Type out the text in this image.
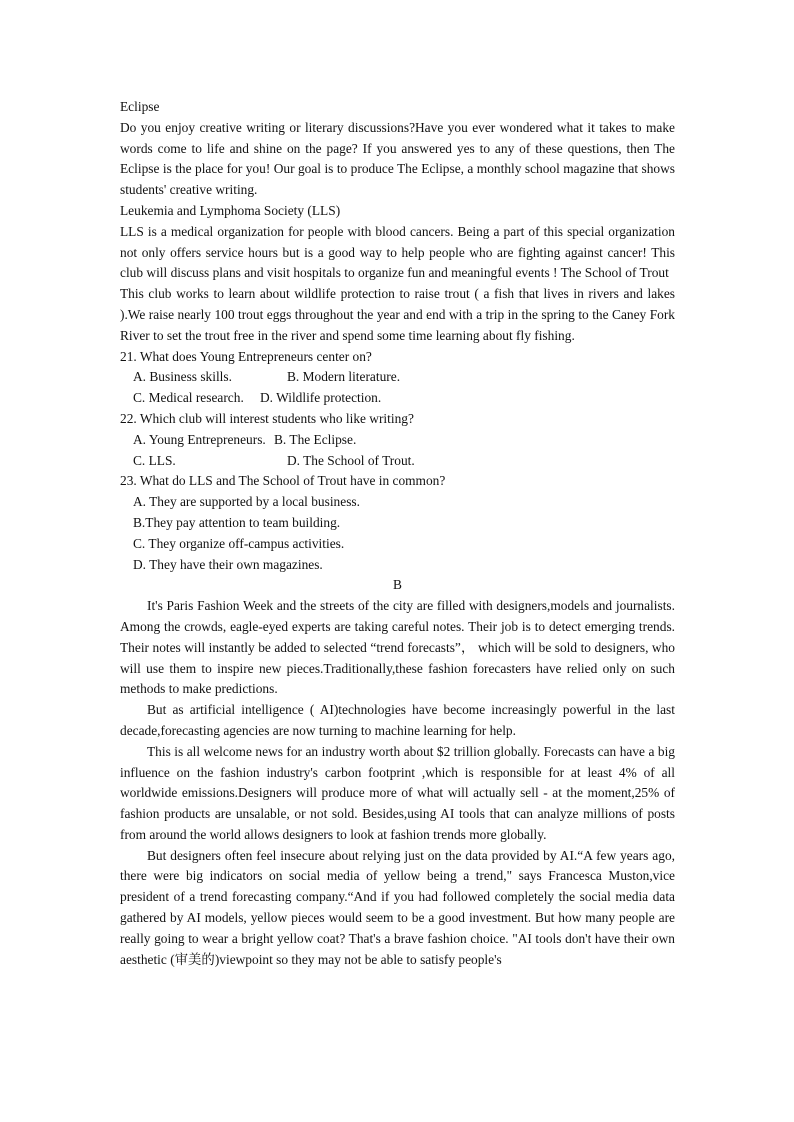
Eclipse
Do you enjoy creative writing or literary discussions?Have you ever wondered what it takes to make words come to life and shine on the page? If you answered yes to any of these questions, then The Eclipse is the place for you! Our goal is to produce The Eclipse, a monthly school magazine that shows students' creative writing.
Leukemia and Lymphoma Society (LLS)
LLS is a medical organization for people with blood cancers. Being a part of this special organization not only offers service hours but is a good way to help people who are fighting against cancer! This club will discuss plans and visit hospitals to organize fun and meaningful events ! The School of Trout
This club works to learn about wildlife protection to raise trout ( a fish that lives in rivers and lakes ).We raise nearly 100 trout eggs throughout the year and end with a trip in the spring to the Caney Fork River to set the trout free in the river and spend some time learning about fly fishing.
21. What does Young Entrepreneurs center on?
A. Business skills.	B. Modern literature.
C. Medical research. D. Wildlife protection.
22. Which club will interest students who like writing?
A. Young Entrepreneurs. B. The Eclipse.
C. LLS.	D. The School of Trout.
23. What do LLS and The School of Trout have in common?
A. They are supported by a local business.
B.They pay attention to team building.
C. They organize off-campus activities.
D. They have their own magazines.
B
It's Paris Fashion Week and the streets of the city are filled with designers,models and journalists. Among the crowds, eagle-eyed experts are taking careful notes. Their job is to detect emerging trends. Their notes will instantly be added to selected “trend forecasts”， which will be sold to designers, who will use them to inspire new pieces.Traditionally,these fashion forecasters have relied only on such methods to make predictions.
But as artificial intelligence ( AI)technologies have become increasingly powerful in the last decade,forecasting agencies are now turning to machine learning for help.
This is all welcome news for an industry worth about $2 trillion globally. Forecasts can have a big influence on the fashion industry's carbon footprint ,which is responsible for at least 4% of all worldwide emissions.Designers will produce more of what will actually sell - at the moment,25% of fashion products are unsalable, or not sold. Besides,using AI tools that can analyze millions of posts from around the world allows designers to look at fashion trends more globally.
But designers often feel insecure about relying just on the data provided by AI.“A few years ago, there were big indicators on social media of yellow being a trend," says Francesca Muston,vice president of a trend forecasting company.“And if you had followed completely the social media data gathered by AI models, yellow pieces would seem to be a good investment. But how many people are really going to wear a bright yellow coat? That's a brave fashion choice. "AI tools don't have their own aesthetic (审美的)viewpoint so they may not be able to satisfy people's
